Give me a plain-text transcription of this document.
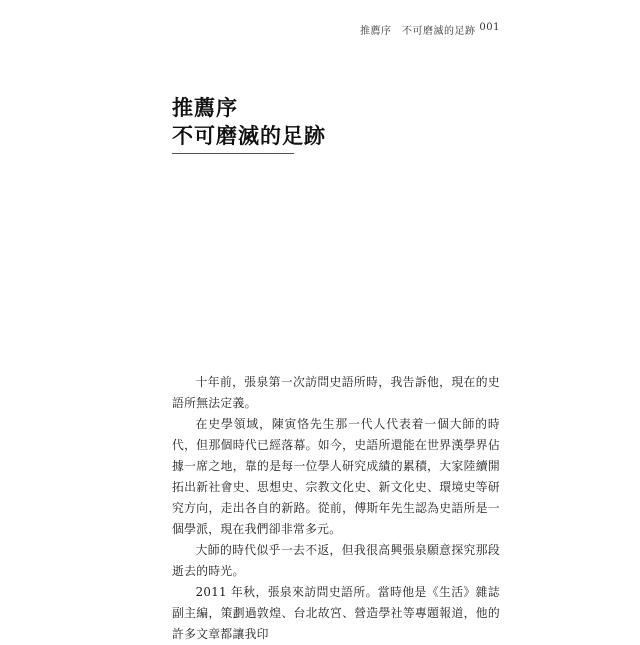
推薦序　不可磨滅的足跡 001
推薦序
不可磨滅的足跡

十年前，張泉第一次訪問史語所時，我告訴他，現在的史語所無法定義。

在史學領域，陳寅恪先生那一代人代表着一個大師的時代，但那個時代已經落幕。如今，史語所還能在世界漢學界佔據一席之地，靠的是每一位學人研究成績的累積，大家陸續開拓出新社會史、思想史、宗教文化史、新文化史、環境史等研究方向，走出各自的新路。從前，傅斯年先生認為史語所是一個學派，現在我們卻非常多元。

大師的時代似乎一去不返，但我很高興張泉願意探究那段逝去的時光。

2011 年秋，張泉來訪問史語所。當時他是《生活》雜誌副主編，策劃過敦煌、台北故宮、營造學社等專題報道，他的許多文章都讓我印
